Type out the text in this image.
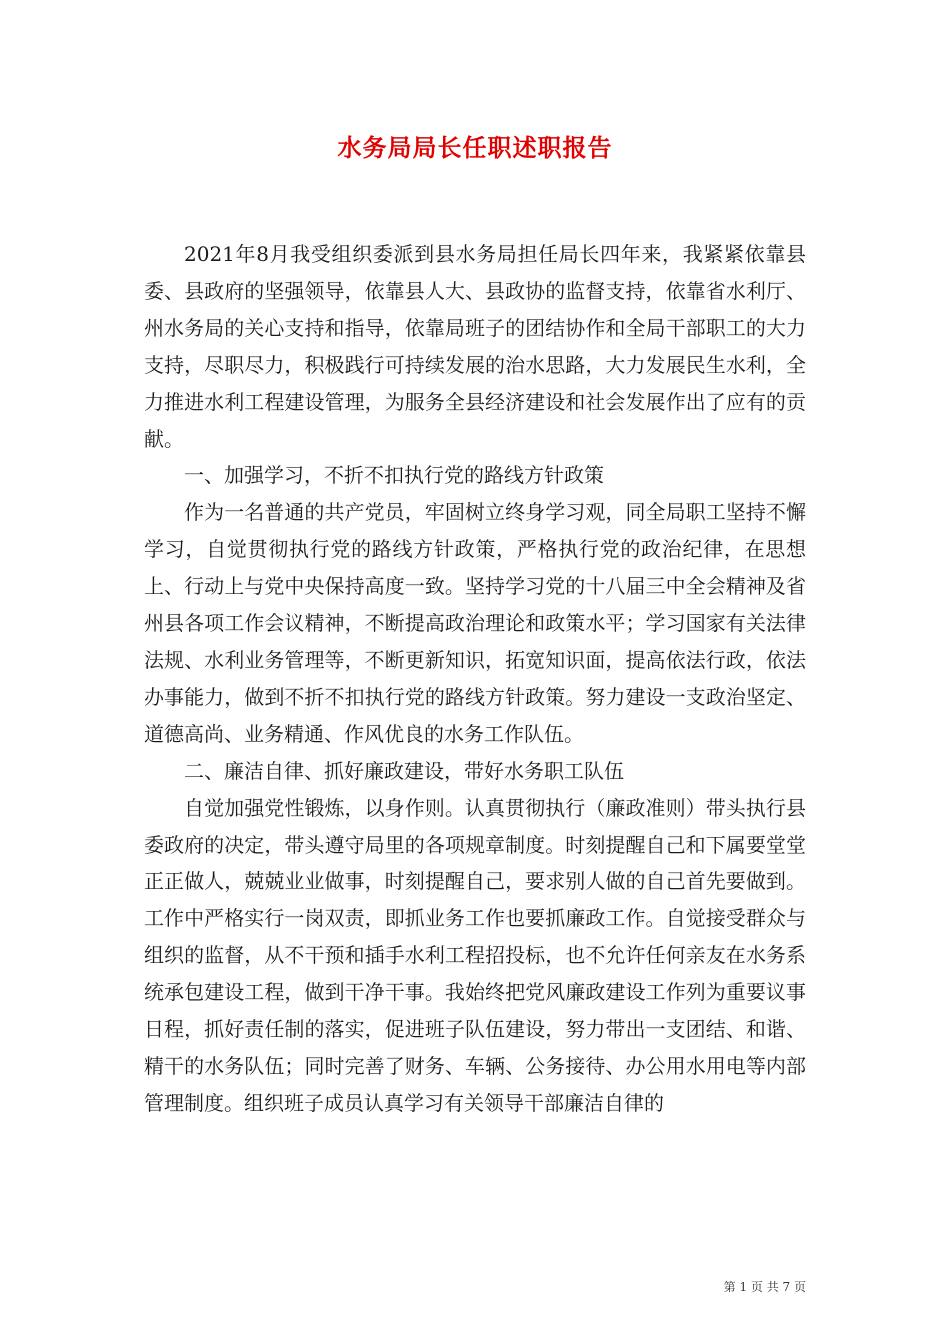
水务局局长任职述职报告

2021年8月我受组织委派到县水务局担任局长四年来，我紧紧依靠县委、县政府的坚强领导，依靠县人大、县政协的监督支持，依靠省水利厅、州水务局的关心支持和指导，依靠局班子的团结协作和全局干部职工的大力支持，尽职尽力，积极践行可持续发展的治水思路，大力发展民生水利，全力推进水利工程建设管理，为服务全县经济建设和社会发展作出了应有的贡献。

一、加强学习，不折不扣执行党的路线方针政策

作为一名普通的共产党员，牢固树立终身学习观，同全局职工坚持不懈学习，自觉贯彻执行党的路线方针政策，严格执行党的政治纪律，在思想上、行动上与党中央保持高度一致。坚持学习党的十八届三中全会精神及省州县各项工作会议精神，不断提高政治理论和政策水平；学习国家有关法律法规、水利业务管理等，不断更新知识，拓宽知识面，提高依法行政，依法办事能力，做到不折不扣执行党的路线方针政策。努力建设一支政治坚定、道德高尚、业务精通、作风优良的水务工作队伍。

二、廉洁自律、抓好廉政建设，带好水务职工队伍

自觉加强党性锻炼，以身作则。认真贯彻执行（廉政准则）带头执行县委政府的决定，带头遵守局里的各项规章制度。时刻提醒自己和下属要堂堂正正做人，兢兢业业做事，时刻提醒自己，要求别人做的自己首先要做到。工作中严格实行一岗双责，即抓业务工作也要抓廉政工作。自觉接受群众与组织的监督，从不干预和插手水利工程招投标，也不允许任何亲友在水务系统承包建设工程，做到干净干事。我始终把党风廉政建设工作列为重要议事日程，抓好责任制的落实，促进班子队伍建设，努力带出一支团结、和谐、精干的水务队伍；同时完善了财务、车辆、公务接待、办公用水用电等内部管理制度。组织班子成员认真学习有关领导干部廉洁自律的

第 1 页 共 7 页
